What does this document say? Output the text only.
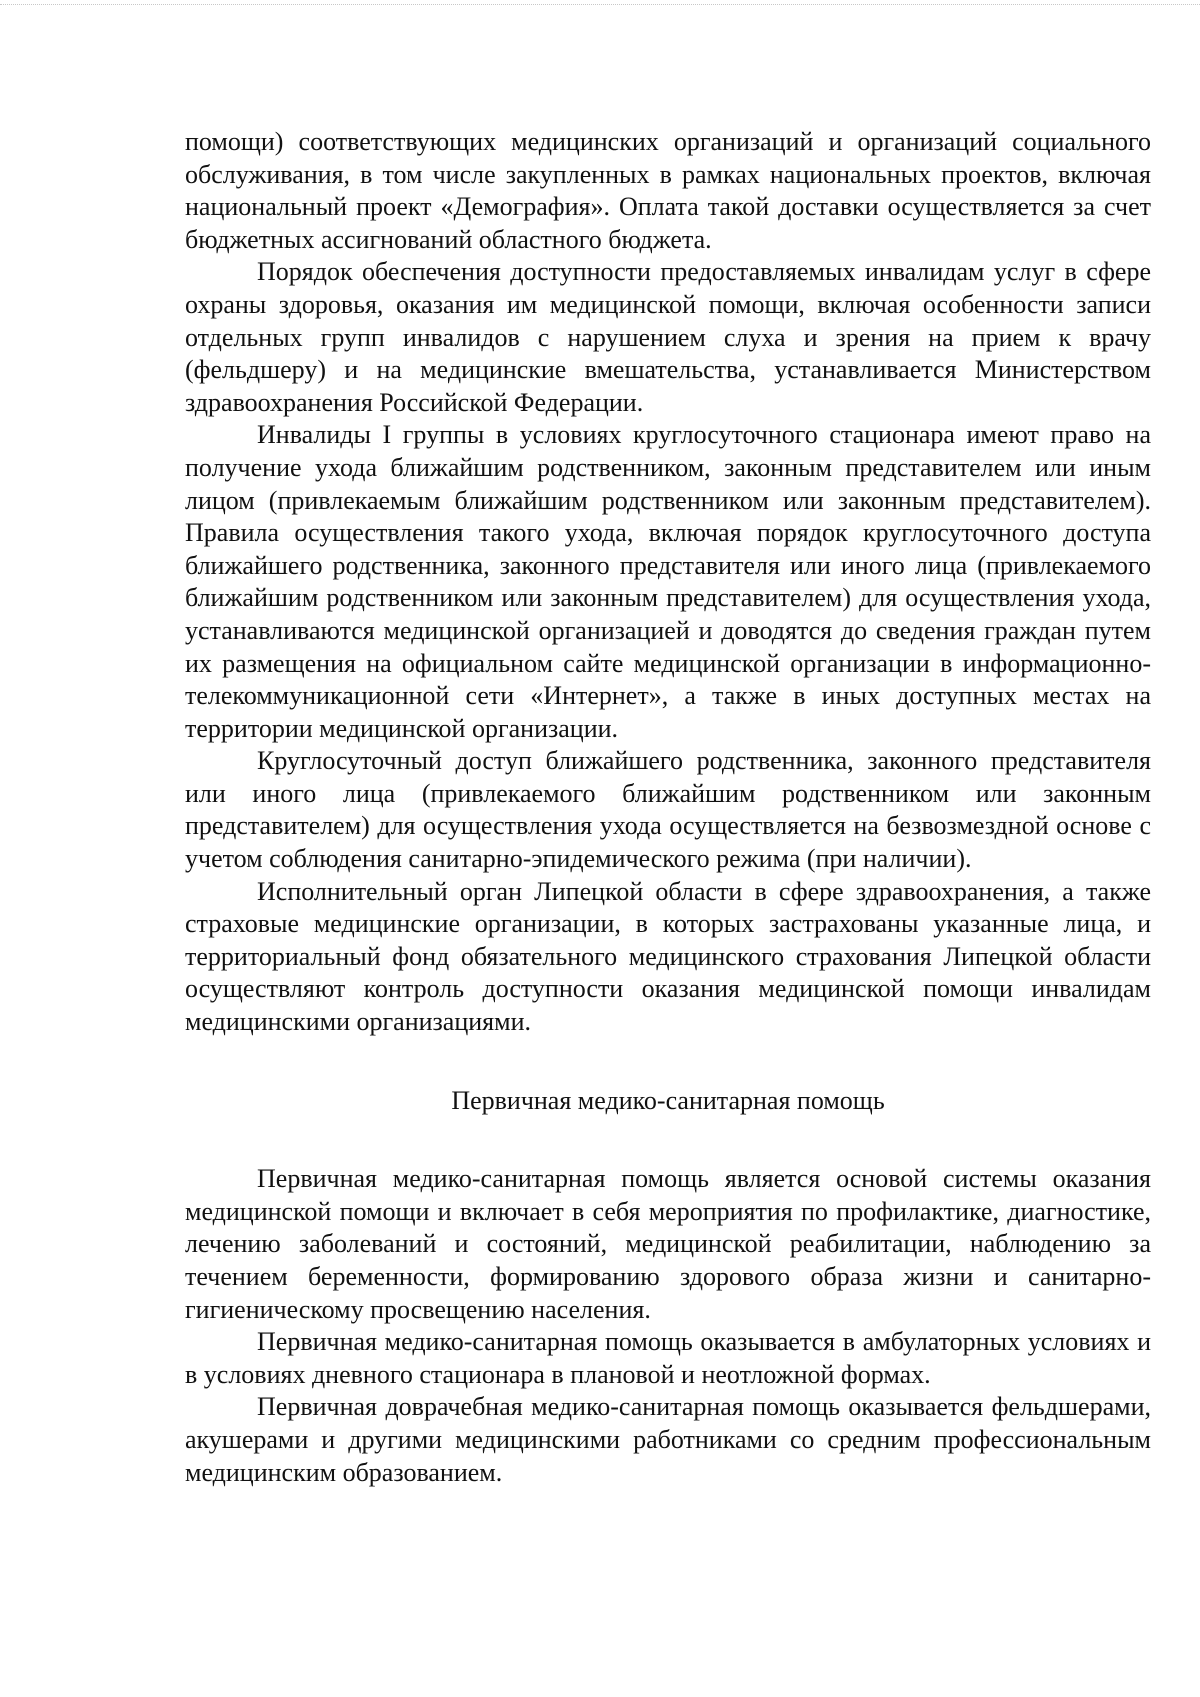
помощи) соответствующих медицинских организаций и организаций социального обслуживания, в том числе закупленных в рамках национальных проектов, включая национальный проект «Демография». Оплата такой доставки осуществляется за счет бюджетных ассигнований областного бюджета.

Порядок обеспечения доступности предоставляемых инвалидам услуг в сфере охраны здоровья, оказания им медицинской помощи, включая особенности записи отдельных групп инвалидов с нарушением слуха и зрения на прием к врачу (фельдшеру) и на медицинские вмешательства, устанавливается Министерством здравоохранения Российской Федерации.

Инвалиды I группы в условиях круглосуточного стационара имеют право на получение ухода ближайшим родственником, законным представителем или иным лицом (привлекаемым ближайшим родственником или законным представителем). Правила осуществления такого ухода, включая порядок круглосуточного доступа ближайшего родственника, законного представителя или иного лица (привлекаемого ближайшим родственником или законным представителем) для осуществления ухода, устанавливаются медицинской организацией и доводятся до сведения граждан путем их размещения на официальном сайте медицинской организации в информационно-телекоммуникационной сети «Интернет», а также в иных доступных местах на территории медицинской организации.

Круглосуточный доступ ближайшего родственника, законного представителя или иного лица (привлекаемого ближайшим родственником или законным представителем) для осуществления ухода осуществляется на безвозмездной основе с учетом соблюдения санитарно-эпидемического режима (при наличии).

Исполнительный орган Липецкой области в сфере здравоохранения, а также страховые медицинские организации, в которых застрахованы указанные лица, и территориальный фонд обязательного медицинского страхования Липецкой области осуществляют контроль доступности оказания медицинской помощи инвалидам медицинскими организациями.

Первичная медико-санитарная помощь

Первичная медико-санитарная помощь является основой системы оказания медицинской помощи и включает в себя мероприятия по профилактике, диагностике, лечению заболеваний и состояний, медицинской реабилитации, наблюдению за течением беременности, формированию здорового образа жизни и санитарно-гигиеническому просвещению населения.

Первичная медико-санитарная помощь оказывается в амбулаторных условиях и в условиях дневного стационара в плановой и неотложной формах.

Первичная доврачебная медико-санитарная помощь оказывается фельдшерами, акушерами и другими медицинскими работниками со средним профессиональным медицинским образованием.
